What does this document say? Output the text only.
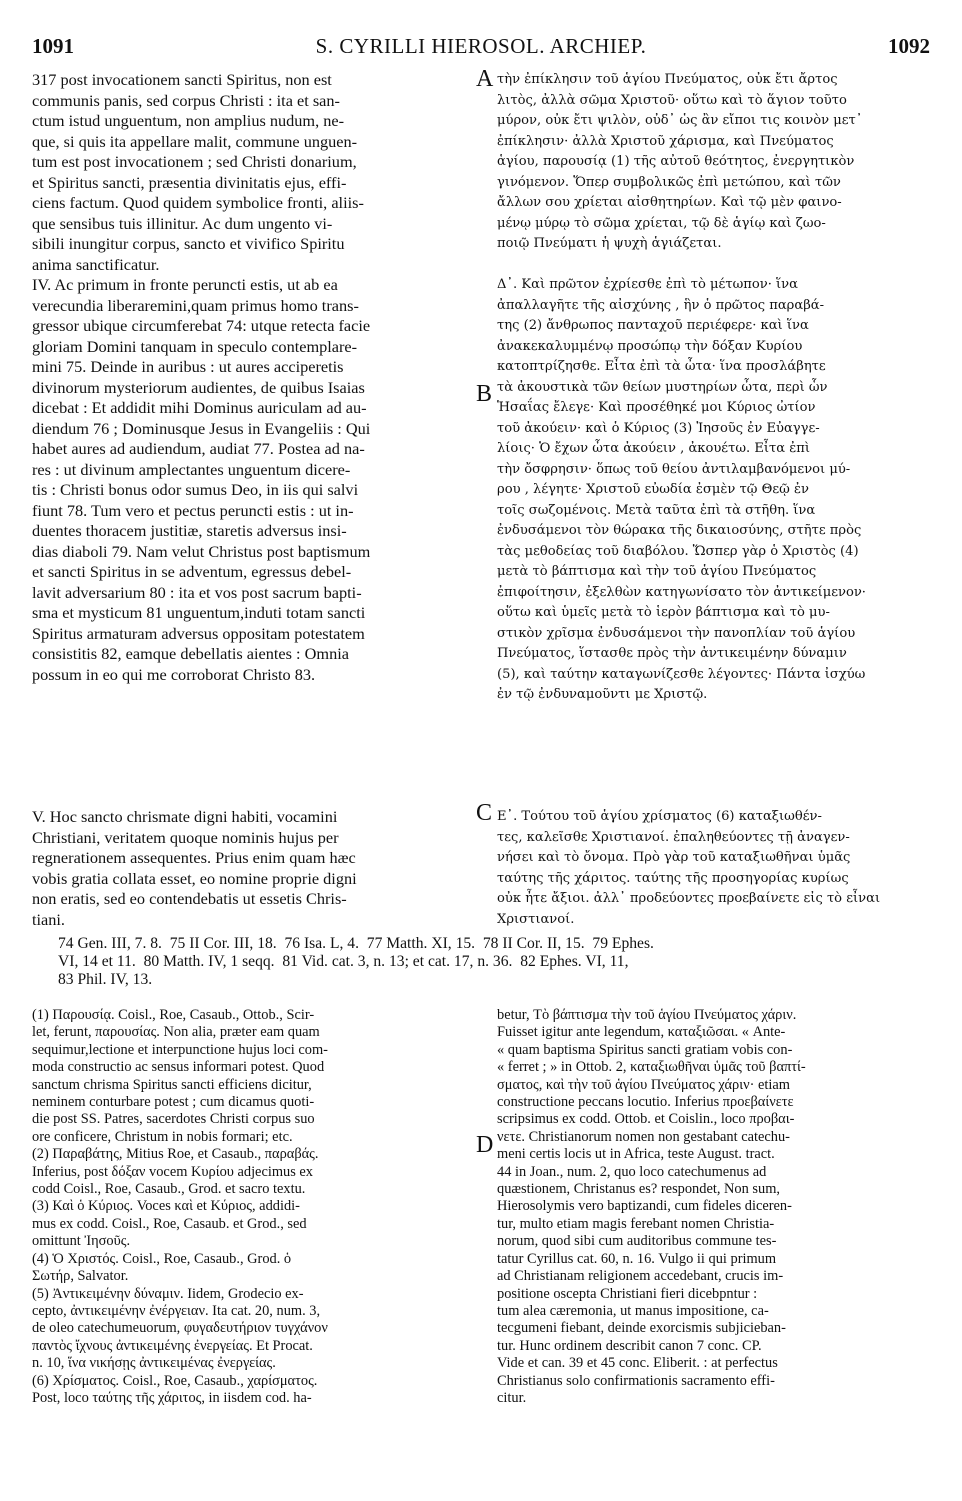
1091	S. CYRILLI HIEROSOL. ARCHIEP.	1092
317 post invocationem sancti Spiritus, non est
communis panis, sed corpus Christi : ita et san-
ctum istud unguentum, non amplius nudum, ne-
que, si quis ita appellare malit, commune unguen-
tum est post invocationem ; sed Christi donarium,
et Spiritus sancti, præsentia divinitatis ejus, effi-
ciens factum. Quod quidem symbolice fronti, aliis-
que sensibus tuis illinitur. Ac dum ungento vi-
sibili inungitur corpus, sancto et vivifico Spiritu
anima sanctificatur.
IV. Ac primum in fronte peruncti estis, ut ab ea
verecundia liberaremini,quam primus homo trans-
gressor ubique circumferebat 74: utque retecta facie
gloriam Domini tanquam in speculo contemplare-
mini 75. Deinde in auribus : ut aures acciperetis
divinorum mysteriorum audientes, de quibus Isaias
dicebat : Et addidit mihi Dominus auriculam ad au-
diendum 76 ; Dominusque Jesus in Evangeliis : Qui
habet aures ad audiendum, audiat 77. Postea ad na-
res : ut divinum amplectantes unguentum dicere-
tis : Christi bonus odor sumus Deo, in iis qui salvi
fiunt 78. Tum vero et pectus peruncti estis : ut in-
duentes thoracem justitiæ, staretis adversus insi-
dias diaboli 79. Nam velut Christus post baptismum
et sancti Spiritus in se adventum, egressus debel-
lavit adversarium 80 : ita et vos post sacrum bapti-
sma et mysticum 81 unguentum,induti totam sancti
Spiritus armaturam adversus oppositam potestatem
consistitis 82, eamque debellatis aientes : Omnia
possum in eo qui me corroborat Christo 83.
τὴν ἐπίκλησιν τοῦ ἁγίου Πνεύματος, οὐκ ἔτι ἄρτος
λιτὸς, ἀλλὰ σῶμα Χριστοῦ· οὕτω καὶ τὸ ἅγιον τοῦτο
μύρον, οὐκ ἔτι ψιλὸν, οὐδ᾽ ὡς ἂν εἴποι τις κοινὸν μετ᾽
ἐπίκλησιν· ἀλλὰ Χριστοῦ χάρισμα, καὶ Πνεύματος
ἁγίου, παρουσίᾳ (1) τῆς αὐτοῦ θεότητος, ἐνεργητικὸν
γινόμενον. Ὅπερ συμβολικῶς ἐπὶ μετώπου, καὶ τῶν
ἄλλων σου χρίεται αἰσθητηρίων. Καὶ τῷ μὲν φαινο-
μένῳ μύρῳ τὸ σῶμα χρίεται, τῷ δὲ ἁγίῳ καὶ ζωο-
ποιῷ Πνεύματι ἡ ψυχὴ ἁγιάζεται.
Δ᾽. Καὶ πρῶτον ἐχρίεσθε ἐπὶ τὸ μέτωπον· ἵνα
ἀπαλλαγῆτε τῆς αἰσχύνης , ἣν ὁ πρῶτος παραβά-
της (2) ἄνθρωπος πανταχοῦ περιέφερε· καὶ ἵνα
ἀνακεκαλυμμένῳ προσώπῳ τὴν δόξαν Κυρίου
κατοπτρίζησθε. Εἶτα ἐπὶ τὰ ὦτα· ἵνα προσλάβητε
τὰ ἀκουστικὰ τῶν θείων μυστηρίων ὦτα, περὶ ὧν
Ἡσαΐας ἔλεγε· Καὶ προσέθηκέ μοι Κύριος ὠτίον
τοῦ ἀκούειν· καὶ ὁ Κύριος (3) Ἰησοῦς ἐν Εὐαγγε-
λίοις· Ὁ ἔχων ὦτα ἀκούειν , ἀκουέτω. Εἶτα ἐπὶ
τὴν ὄσφρησιν· ὅπως τοῦ θείου ἀντιλαμβανόμενοι μύ-
ρου , λέγητε· Χριστοῦ εὐωδία ἐσμὲν τῷ Θεῷ ἐν
τοῖς σωζομένοις. Μετὰ ταῦτα ἐπὶ τὰ στῆθη. ἵνα
ἐνδυσάμενοι τὸν θώρακα τῆς δικαιοσύνης, στῆτε πρὸς
τὰς μεθοδείας τοῦ διαβόλου. Ὥσπερ γὰρ ὁ Χριστὸς (4)
μετὰ τὸ βάπτισμα καὶ τὴν τοῦ ἁγίου Πνεύματος
ἐπιφοίτησιν, ἐξελθὼν κατηγωνίσατο τὸν ἀντικείμενον·
οὕτω καὶ ὑμεῖς μετὰ τὸ ἱερὸν βάπτισμα καὶ τὸ μυ-
στικὸν χρῖσμα ἐνδυσάμενοι τὴν πανοπλίαν τοῦ ἁγίου
Πνεύματος, ἵστασθε πρὸς τὴν ἀντικειμένην δύναμιν
(5), καὶ ταύτην καταγωνίζεσθε λέγοντες· Πάντα ἰσχύω
ἐν τῷ ἐνδυναμοῦντι με Χριστῷ.
V. Hoc sancto chrismate digni habiti, vocamini
Christiani, veritatem quoque nominis hujus per
regnerationem assequentes. Prius enim quam hæc
vobis gratia collata esset, eo nomine proprie digni
non eratis, sed eo contendebatis ut essetis Chris-
tiani.
Ε᾽. Τούτου τοῦ ἁγίου χρίσματος (6) καταξιωθέν-
τες, καλεῖσθε Χριστιανοί. ἐπαληθεύοντες τῇ ἀναγεν-
νήσει καὶ τὸ ὄνομα. Πρὸ γὰρ τοῦ καταξιωθῆναι ὑμᾶς
ταύτης τῆς χάριτος. ταύτης τῆς προσηγορίας κυρίως
οὐκ ἦτε ἄξιοι. ἀλλ᾽ προδεύοντες προεβαίνετε εἰς τὸ εἶναι
Χριστιανοί.
A
B
C
D
74 Gen. III, 7. 8.  75 II Cor. III, 18.  76 Isa. L, 4.  77 Matth. XI, 15.  78 II Cor. II, 15.  79 Ephes.
VI, 14 et 11.  80 Matth. IV, 1 seqq.  81 Vid. cat. 3, n. 13; et cat. 17, n. 36.  82 Ephes. VI, 11,
83 Phil. IV, 13.
(1) Παρουσίᾳ. Coisl., Roe, Casaub., Ottob., Scir-
let, ferunt, παρουσίας. Non alia, præter eam quam
sequimur,lectione et interpunctione hujus loci com-
moda constructio ac sensus informari potest. Quod
sanctum chrisma Spiritus sancti efficiens dicitur,
neminem conturbare potest ; cum dicamus quoti-
die post SS. Patres, sacerdotes Christi corpus suo
ore conficere, Christum in nobis formari; etc.
(2) Παραβάτης, Mitius Roe, et Casaub., παραβάς.
Inferius, post δόξαν vocem Κυρίου adjecimus ex
codd Coisl., Roe, Casaub., Grod. et sacro textu.
(3) Καὶ ὁ Κύριος. Voces καὶ et Κύριος, addidi-
mus ex codd. Coisl., Roe, Casaub. et Grod., sed
omittunt Ἰησοῦς.
(4) Ὁ Χριστός. Coisl., Roe, Casaub., Grod. ὁ
Σωτήρ, Salvator.
(5) Ἀντικειμένην δύναμιν. Iidem, Grodecio ex-
cepto, ἀντικειμένην ἐνέργειαν. Ita cat. 20, num. 3,
de oleo catechumeuorum, φυγαδευτήριον τυγχάνον
παντὸς ἴχνους ἀντικειμένης ἐνεργείας. Et Procat.
n. 10, ἵνα νικήσῃς ἀντικειμένας ἐνεργείας.
(6) Χρίσματος. Coisl., Roe, Casaub., χαρίσματος.
Post, loco ταύτης τῆς χάριτος, in iisdem cod. ha-
betur, Τὸ βάπτισμα τὴν τοῦ ἁγίου Πνεύματος χάριν.
Fuisset igitur ante legendum, καταξιῶσαι. « Ante-
« quam baptisma Spiritus sancti gratiam vobis con-
« ferret ; » in Ottob. 2, καταξιωθῆναι ὑμᾶς τοῦ βαπτί-
σματος, καὶ τὴν τοῦ ἁγίου Πνεύματος χάριν· etiam
constructione peccans locutio. Inferius προεβαίνετε
scripsimus ex codd. Ottob. et Coislin., loco προβαι-
νετε. Christianorum nomen non gestabant catechu-
meni certis locis ut in Africa, teste August. tract.
44 in Joan., num. 2, quo loco catechumenus ad
quæstionem, Christanus es? respondet, Non sum,
Hierosolymis vero baptizandi, cum fideles diceren-
tur, multo etiam magis ferebant nomen Christia-
norum, quod sibi cum auditoribus commune tes-
tatur Cyrillus cat. 60, n. 16. Vulgo ii qui primum
ad Christianam religionem accedebant, crucis im-
positione oscepta Christiani fieri dicebpntur :
tum alea cæremonia, ut manus impositione, ca-
tecgumeni fiebant, deinde exorcismis subjicieban-
tur. Hunc ordinem describit canon 7 conc. CP.
Vide et can. 39 et 45 conc. Eliberit. : at perfectus
Christianus solo confirmationis sacramento effi-
citur.
